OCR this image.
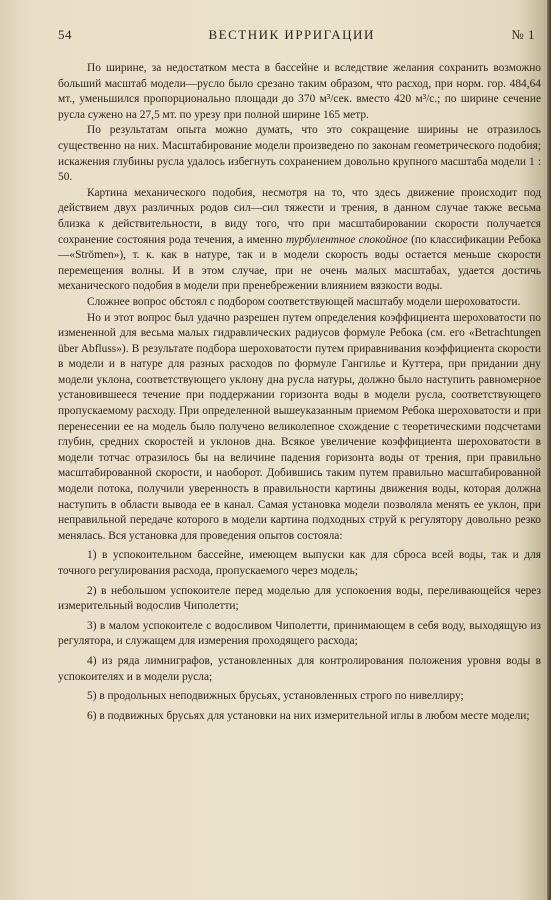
54	ВЕСТНИК ИРРИГАЦИИ	№ 1

По ширине, за недостатком места в бассейне и вследствие желания сохранить возможно больший масштаб модели—русло было срезано таким образом, что расход, при норм. гор. 484,64 мт., уменьшился пропорционально площади до 370 м³/сек. вместо 420 м³/с.; по ширине сечение русла сужено на 27,5 мт. по урезу при полной ширине 165 метр.

По результатам опыта можно думать, что это сокращение ширины не отразилось существенно на них. Масштабирование модели произведено по законам геометрического подобия; искажения глубины русла удалось избегнуть сохранением довольно крупного масштаба модели 1 : 50.

Картина механического подобия, несмотря на то, что здесь движение происходит под действием двух различных родов сил—сил тяжести и трения, в данном случае также весьма близка к действительности, в виду того, что при масштабировании скорости получается сохранение состояния рода течения, а именно турбулентное спокойное (по классификации Ребока—«Strömen»), т. к. как в натуре, так и в модели скорость воды остается меньше скорости перемещения волны. И в этом случае, при не очень малых масштабах, удается достичь механического подобия в модели при пренебрежении влиянием вязкости воды.

Сложнее вопрос обстоял с подбором соответствующей масштабу модели шероховатости.

Но и этот вопрос был удачно разрешен путем определения коэффициента шероховатости по измененной для весьма малых гидравлических радиусов формуле Ребока (см. его «Betrachtungen über Abfluss»). В результате подбора шероховатости путем приравнивания коэффициента скорости в модели и в натуре для разных расходов по формуле Гангилье и Куттера, при придании дну модели уклона, соответствующего уклону дна русла натуры, должно было наступить равномерное установившееся течение при поддержании горизонта воды в модели русла, соответствующего пропускаемому расходу. При определенной вышеуказанным приемом Ребока шероховатости и при перенесении ее на модель было получено великолепное схождение с теоретическими подсчетами глубин, средних скоростей и уклонов дна. Всякое увеличение коэффициента шероховатости в модели тотчас отразилось бы на величине падения горизонта воды от трения, при правильно масштабированной скорости, и наоборот. Добившись таким путем правильно масштабированной модели потока, получили уверенность в правильности картины движения воды, которая должна наступить в области вывода ее в канал. Самая установка модели позволяла менять ее уклон, при неправильной передаче которого в модели картина подходных струй к регулятору довольно резко менялась. Вся установка для проведения опытов состояла:

1) в успокоительном бассейне, имеющем выпуски как для сброса всей воды, так и для точного регулирования расхода, пропускаемого через модель;

2) в небольшом успокоителе перед моделью для успокоения воды, переливающейся через измерительный водослив Чиполетти;

3) в малом успокоителе с водосливом Чиполетти, принимающем в себя воду, выходящую из регулятора, и служащем для измерения проходящего расхода;

4) из ряда лимниграфов, установленных для контролирования положения уровня воды в успокоителях и в модели русла;

5) в продольных неподвижных брусьях, установленных строго по нивеллиру;

6) в подвижных брусьях для установки на них измерительной иглы в любом месте модели;
